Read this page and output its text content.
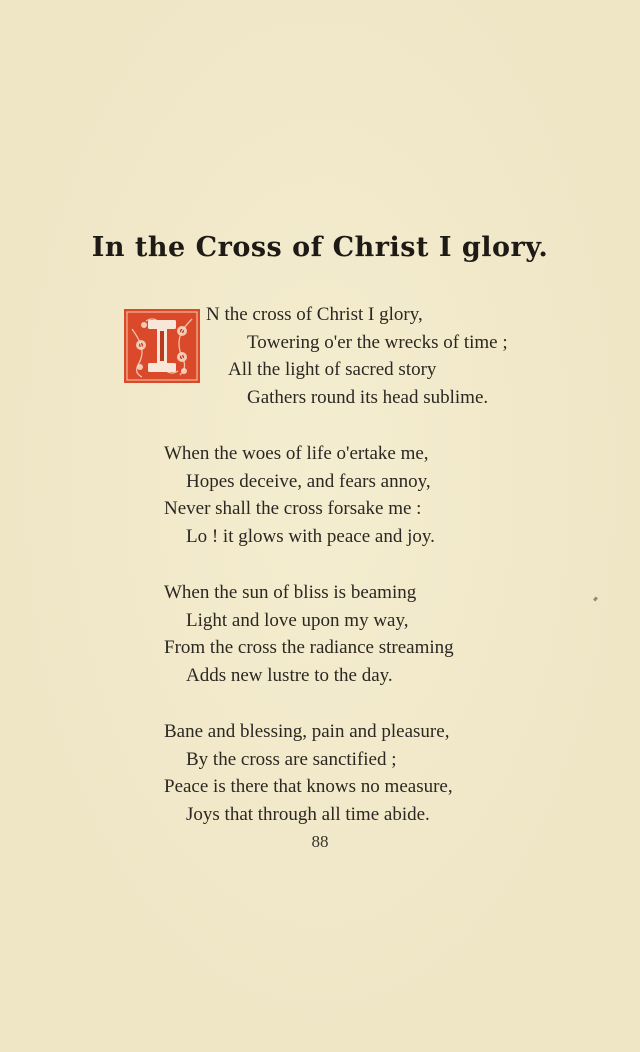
In the Cross of Christ I glory.
N the cross of Christ I glory,
Towering o'er the wrecks of time ;
All the light of sacred story
Gathers round its head sublime.
When the woes of life o'ertake me,
Hopes deceive, and fears annoy,
Never shall the cross forsake me :
Lo ! it glows with peace and joy.
When the sun of bliss is beaming
Light and love upon my way,
From the cross the radiance streaming
Adds new lustre to the day.
Bane and blessing, pain and pleasure,
By the cross are sanctified ;
Peace is there that knows no measure,
Joys that through all time abide.
88
